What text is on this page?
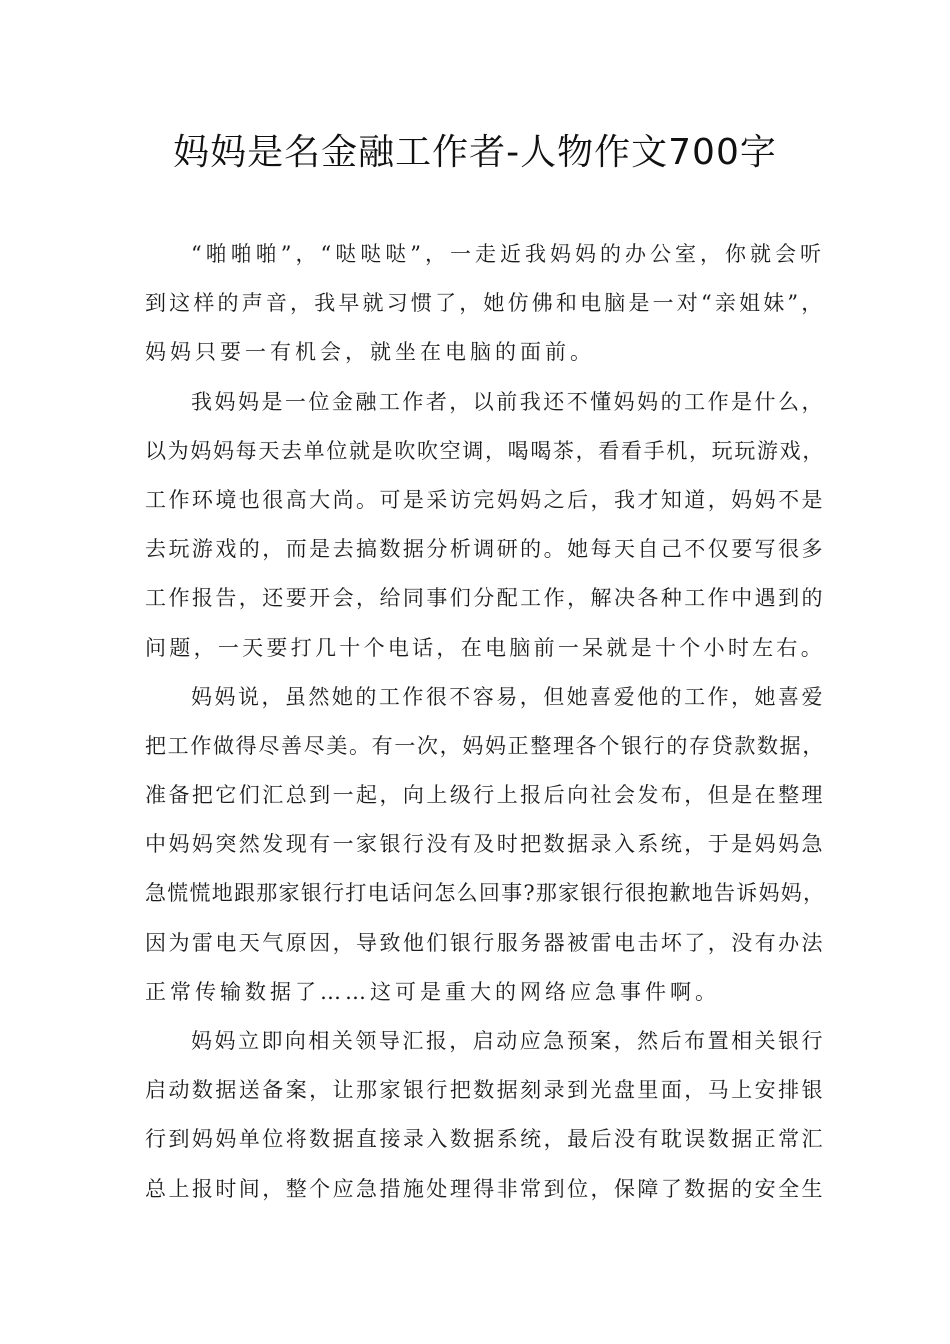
妈妈是名金融工作者-人物作文700字
“啪啪啪”，“哒哒哒”，一走近我妈妈的办公室，你就会听
到这样的声音，我早就习惯了，她仿佛和电脑是一对“亲姐妹”，
妈妈只要一有机会，就坐在电脑的面前。
我妈妈是一位金融工作者，以前我还不懂妈妈的工作是什么，
以为妈妈每天去单位就是吹吹空调，喝喝茶，看看手机，玩玩游戏，
工作环境也很高大尚。可是采访完妈妈之后，我才知道，妈妈不是
去玩游戏的，而是去搞数据分析调研的。她每天自己不仅要写很多
工作报告，还要开会，给同事们分配工作，解决各种工作中遇到的
问题，一天要打几十个电话，在电脑前一呆就是十个小时左右。
妈妈说，虽然她的工作很不容易，但她喜爱他的工作，她喜爱
把工作做得尽善尽美。有一次，妈妈正整理各个银行的存贷款数据，
准备把它们汇总到一起，向上级行上报后向社会发布，但是在整理
中妈妈突然发现有一家银行没有及时把数据录入系统，于是妈妈急
急慌慌地跟那家银行打电话问怎么回事?那家银行很抱歉地告诉妈妈，
因为雷电天气原因，导致他们银行服务器被雷电击坏了，没有办法
正常传输数据了……这可是重大的网络应急事件啊。
妈妈立即向相关领导汇报，启动应急预案，然后布置相关银行
启动数据送备案，让那家银行把数据刻录到光盘里面，马上安排银
行到妈妈单位将数据直接录入数据系统，最后没有耽误数据正常汇
总上报时间，整个应急措施处理得非常到位，保障了数据的安全生
